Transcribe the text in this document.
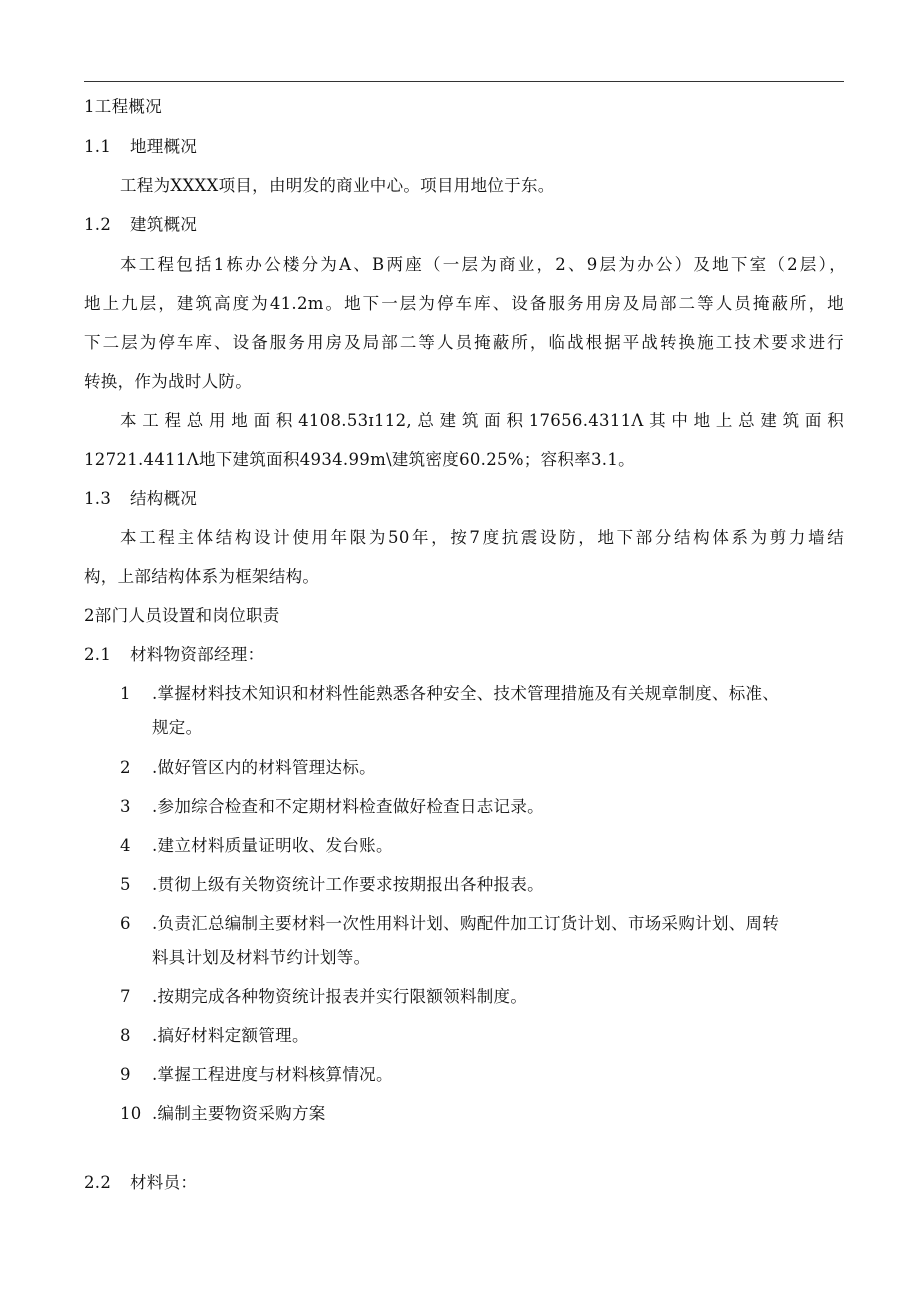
1工程概况
1.1 地理概况
工程为XXXX项目，由明发的商业中心。项目用地位于东。
1.2 建筑概况
本工程包括1栋办公楼分为A、B两座（一层为商业，2、9层为办公）及地下室（2层），
地上九层，建筑高度为41.2m。地下一层为停车库、设备服务用房及局部二等人员掩蔽所，地
下二层为停车库、设备服务用房及局部二等人员掩蔽所，临战根据平战转换施工技术要求进行
转换，作为战时人防。
本工程总用地面积4108.53ɪ112,总建筑面积17656.4311Λ其中地上总建筑面积
12721.4411Λ地下建筑面积4934.99m\建筑密度60.25%；容积率3.1。
1.3 结构概况
本工程主体结构设计使用年限为50年，按7度抗震设防，地下部分结构体系为剪力墙结
构，上部结构体系为框架结构。
2部门人员设置和岗位职责
2.1 材料物资部经理：
1 .掌握材料技术知识和材料性能熟悉各种安全、技术管理措施及有关规章制度、标准、
规定。
2 .做好管区内的材料管理达标。
3 .参加综合检查和不定期材料检查做好检查日志记录。
4 .建立材料质量证明收、发台账。
5 .贯彻上级有关物资统计工作要求按期报出各种报表。
6 .负责汇总编制主要材料一次性用料计划、购配件加工订货计划、市场采购计划、周转
料具计划及材料节约计划等。
7 .按期完成各种物资统计报表并实行限额领料制度。
8 .搞好材料定额管理。
9 .掌握工程进度与材料核算情况。
10 .编制主要物资采购方案
2.2 材料员：
